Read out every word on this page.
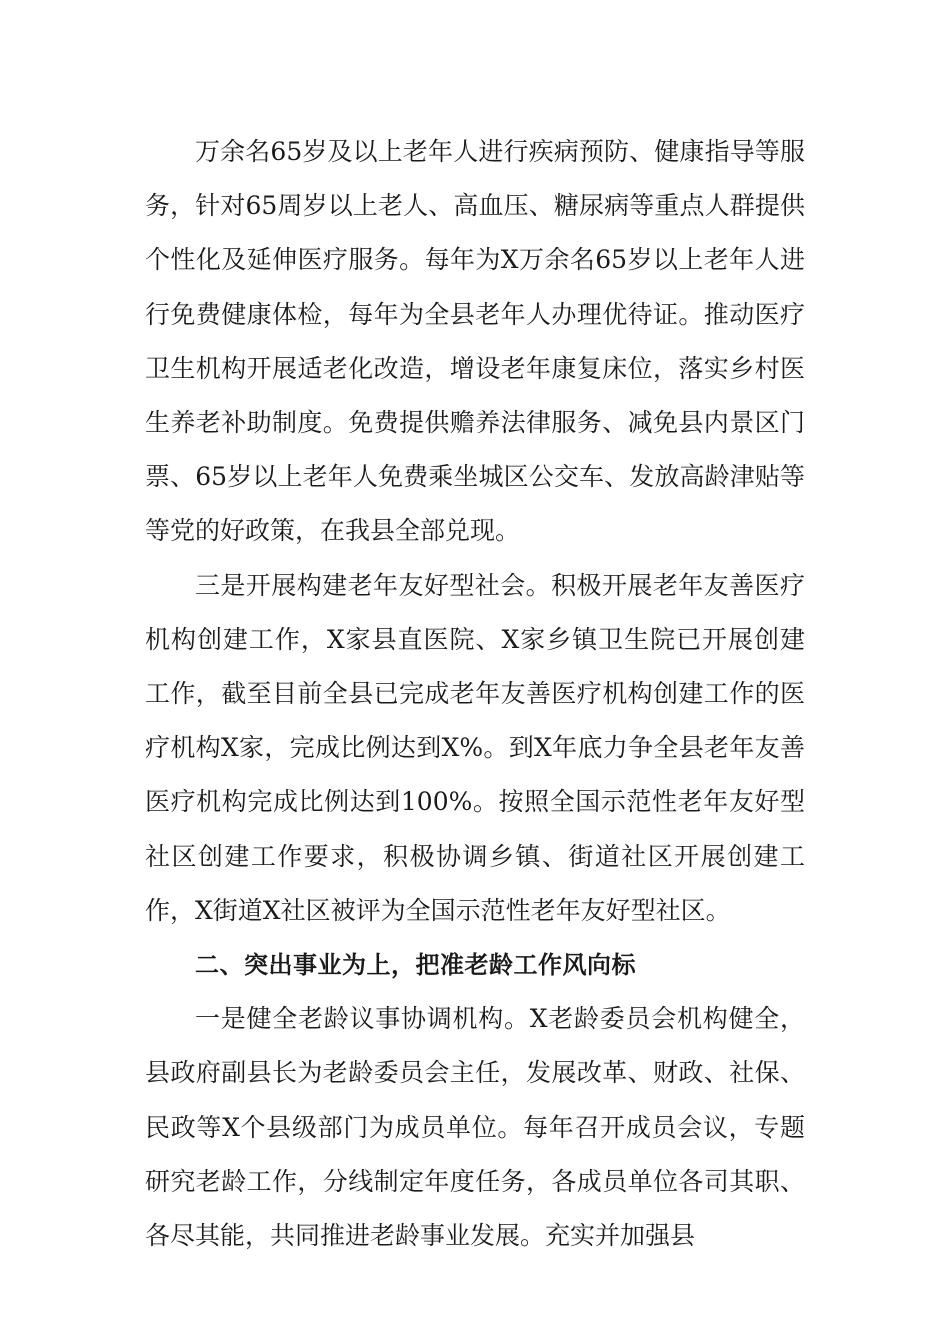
万余名65岁及以上老年人进行疾病预防、健康指导等服务，针对65周岁以上老人、高血压、糖尿病等重点人群提供个性化及延伸医疗服务。每年为X万余名65岁以上老年人进行免费健康体检，每年为全县老年人办理优待证。推动医疗卫生机构开展适老化改造，增设老年康复床位，落实乡村医生养老补助制度。免费提供赡养法律服务、减免县内景区门票、65岁以上老年人免费乘坐城区公交车、发放高龄津贴等等党的好政策，在我县全部兑现。

三是开展构建老年友好型社会。积极开展老年友善医疗机构创建工作，X家县直医院、X家乡镇卫生院已开展创建工作，截至目前全县已完成老年友善医疗机构创建工作的医疗机构X家，完成比例达到X%。到X年底力争全县老年友善医疗机构完成比例达到100%。按照全国示范性老年友好型社区创建工作要求，积极协调乡镇、街道社区开展创建工作，X街道X社区被评为全国示范性老年友好型社区。

二、突出事业为上，把准老龄工作风向标

一是健全老龄议事协调机构。X老龄委员会机构健全，县政府副县长为老龄委员会主任，发展改革、财政、社保、民政等X个县级部门为成员单位。每年召开成员会议，专题研究老龄工作，分线制定年度任务，各成员单位各司其职、各尽其能，共同推进老龄事业发展。充实并加强县
